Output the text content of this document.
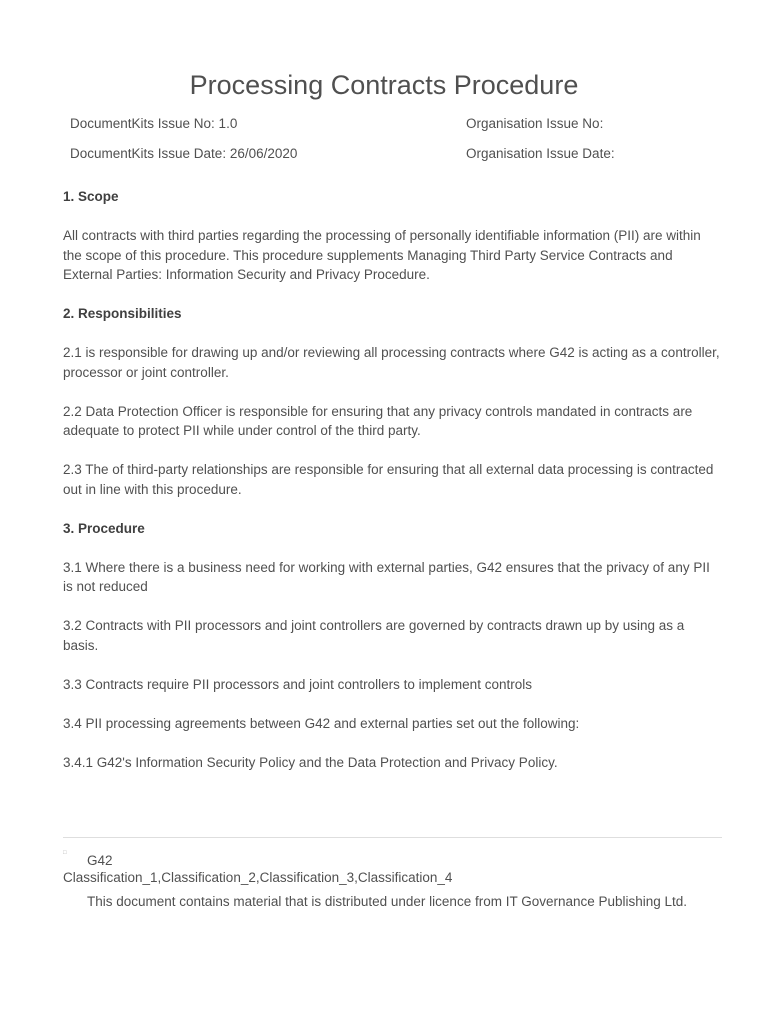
Processing Contracts Procedure
DocumentKits Issue No: 1.0	Organisation Issue No:
DocumentKits Issue Date: 26/06/2020	Organisation Issue Date:

1. Scope

All contracts with third parties regarding the processing of personally identifiable information (PII) are within the scope of this procedure. This procedure supplements Managing Third Party Service Contracts and External Parties: Information Security and Privacy Procedure.

2. Responsibilities

2.1 is responsible for drawing up and/or reviewing all processing contracts where G42 is acting as a controller, processor or joint controller.

2.2 Data Protection Officer is responsible for ensuring that any privacy controls mandated in contracts are adequate to protect PII while under control of the third party.

2.3 The of third-party relationships are responsible for ensuring that all external data processing is contracted out in line with this procedure.

3. Procedure

3.1 Where there is a business need for working with external parties, G42 ensures that the privacy of any PII is not reduced

3.2 Contracts with PII processors and joint controllers are governed by contracts drawn up by using as a basis.

3.3 Contracts require PII processors and joint controllers to implement controls

3.4 PII processing agreements between G42 and external parties set out the following:

3.4.1 G42's Information Security Policy and the Data Protection and Privacy Policy.

□ G42
Classification_1,Classification_2,Classification_3,Classification_4
This document contains material that is distributed under licence from IT Governance Publishing Ltd.
